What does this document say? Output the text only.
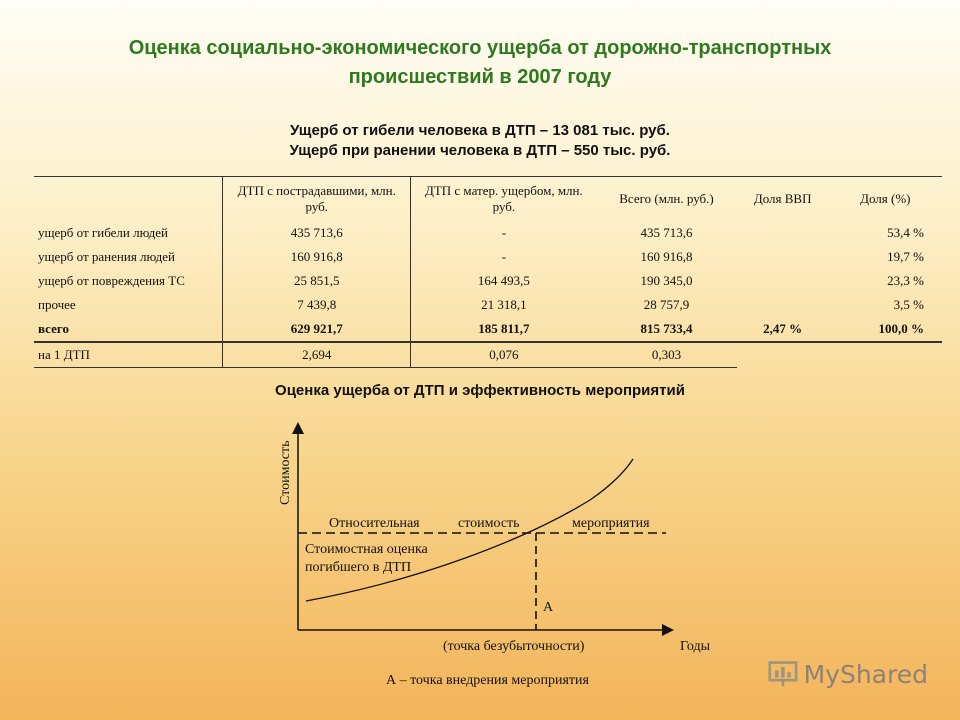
Оценка социально-экономического ущерба от дорожно-транспортных
происшествий в 2007 году
Ущерб от гибели человека в ДТП – 13 081 тыс. руб.
Ущерб при ранении человека в ДТП – 550 тыс. руб.
	ДТП с пострадавшими, млн. руб.	ДТП с матер. ущербом, млн. руб.	Всего (млн. руб.)	Доля ВВП	Доля (%)
ущерб от гибели людей	435 713,6	-	435 713,6		53,4 %
ущерб от ранения людей	160 916,8	-	160 916,8		19,7 %
ущерб от повреждения ТС	25 851,5	164 493,5	190 345,0		23,3 %
прочее	7 439,8	21 318,1	28 757,9		3,5 %
всего	629 921,7	185 811,7	815 733,4	2,47 %	100,0 %
на 1 ДТП	2,694	0,076	0,303		
Оценка ущерба от ДТП и эффективность мероприятий
Стоимость
Годы
Относительная	стоимость	мероприятия
Стоимостная оценка
погибшего в ДТП
А
(точка безубыточности)
А – точка внедрения мероприятия	MyShared
